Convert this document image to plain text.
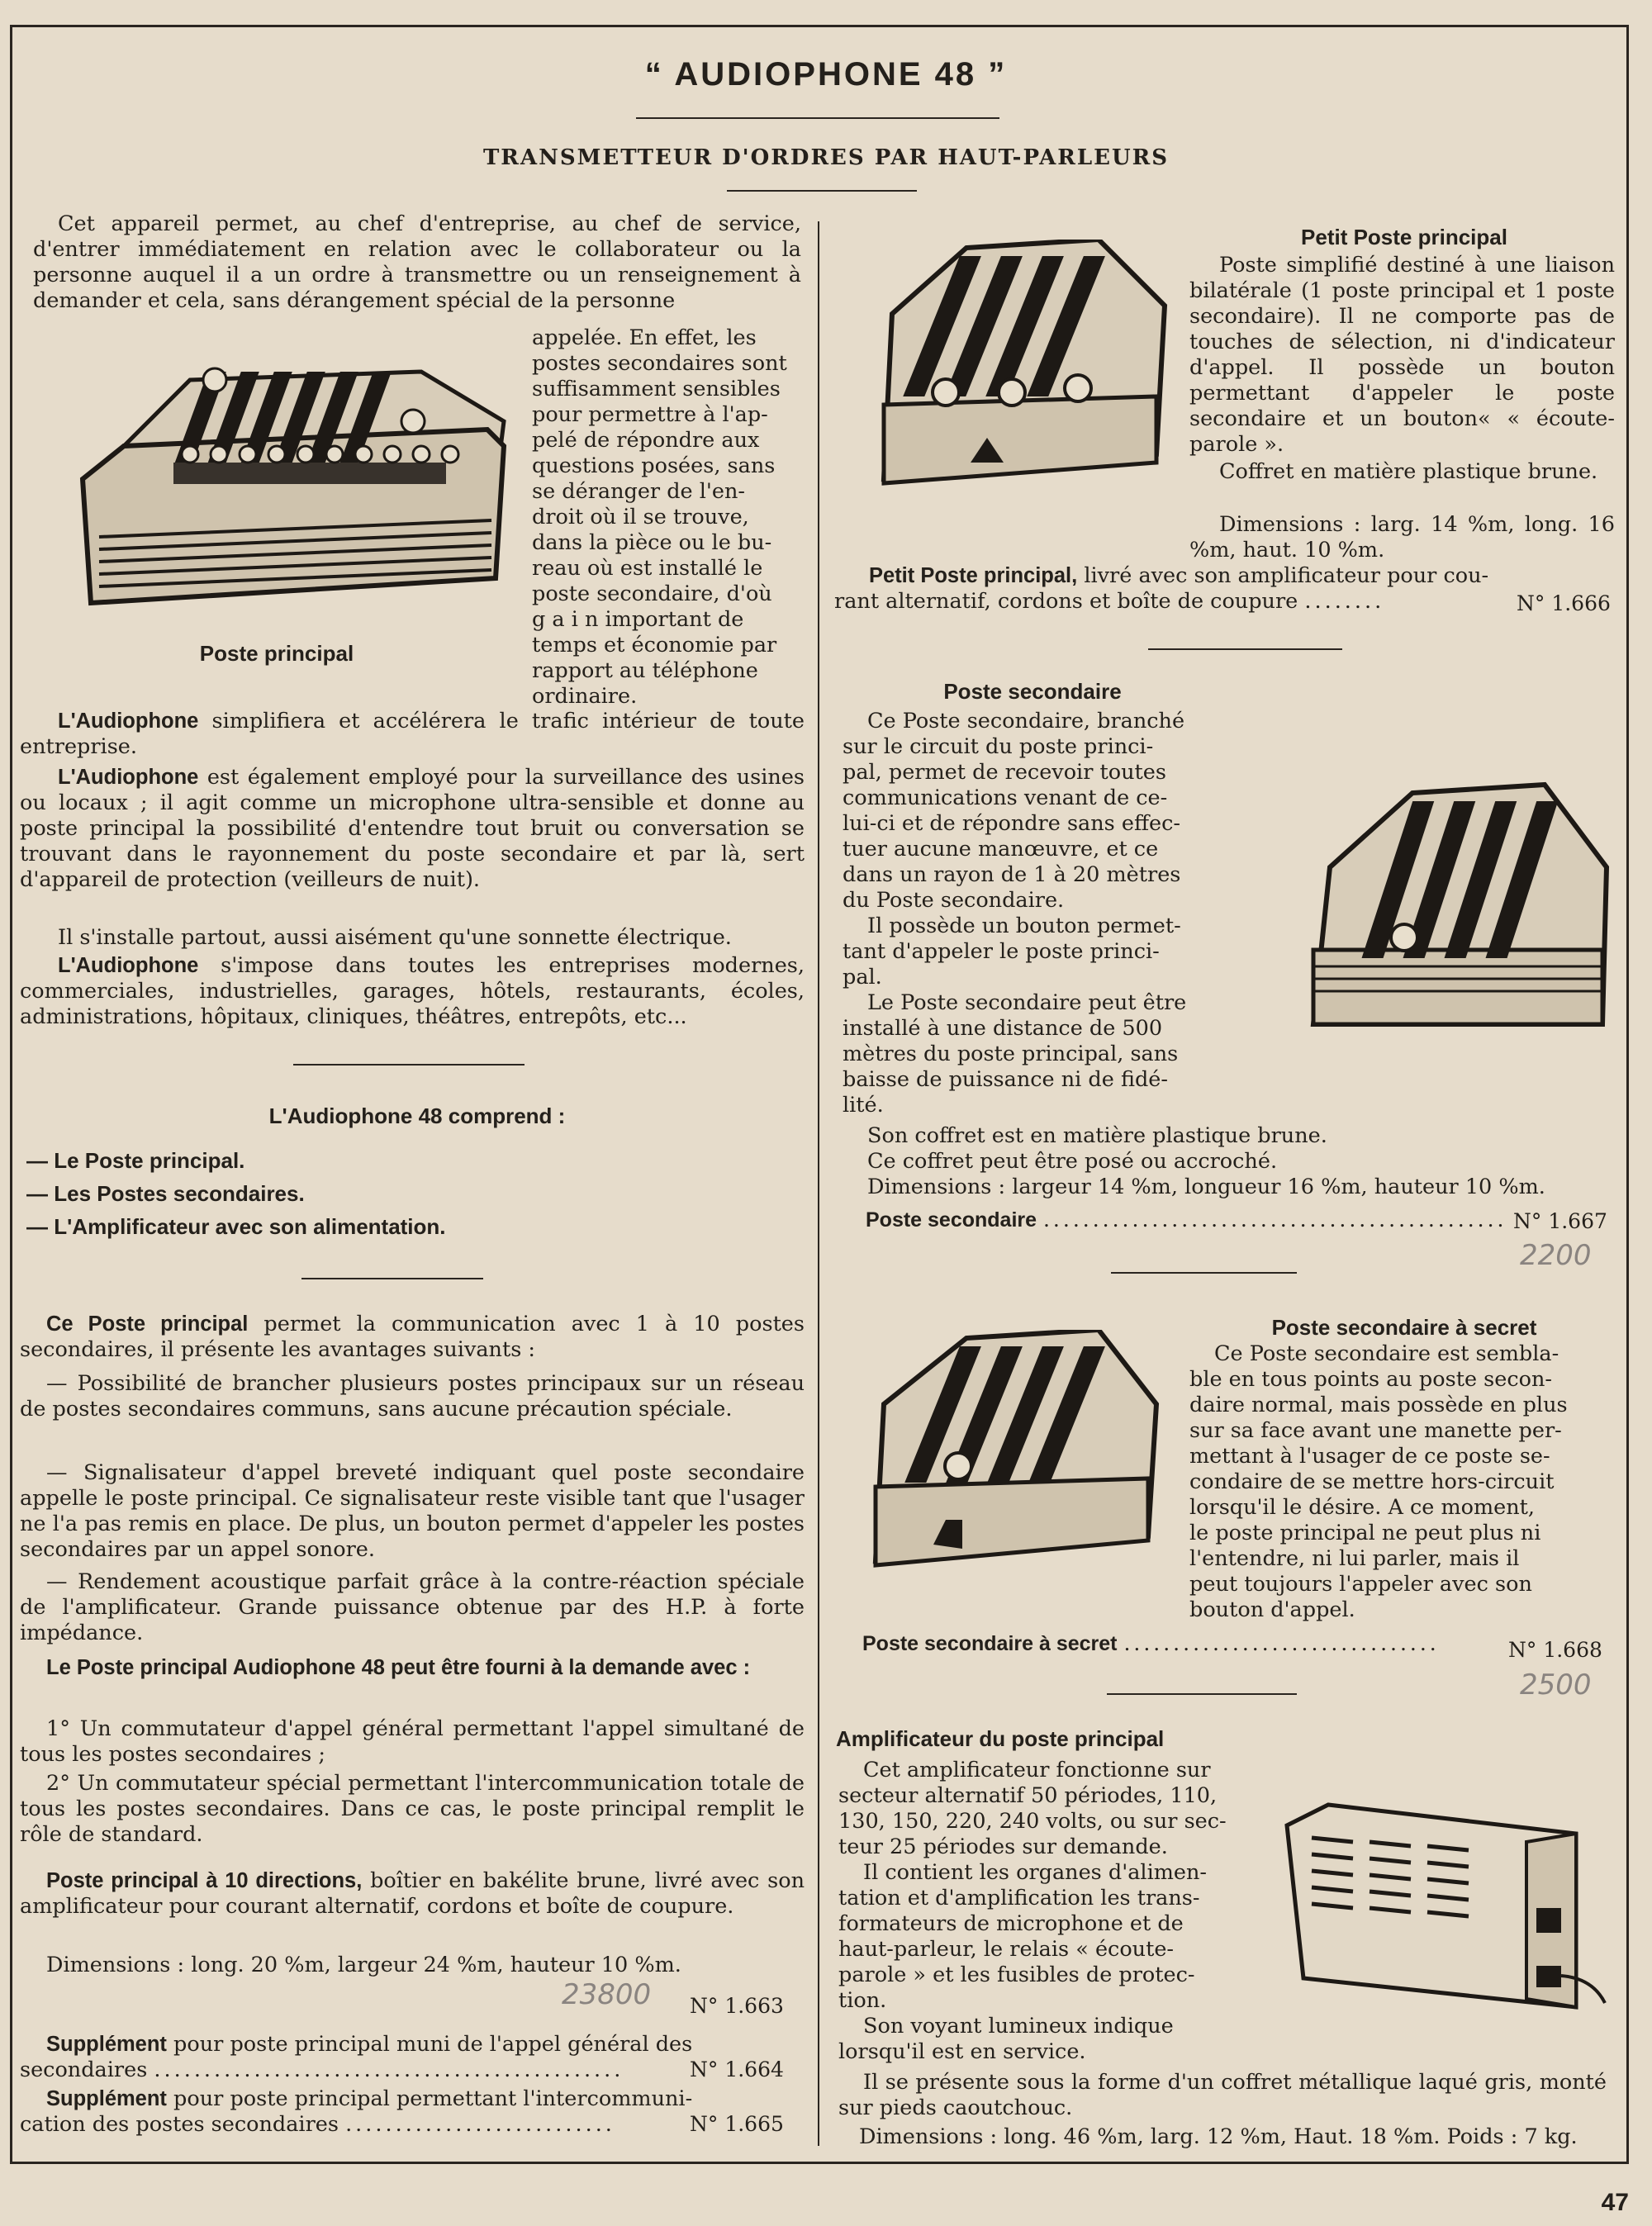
“ AUDIOPHONE 48 ”
TRANSMETTEUR D'ORDRES PAR HAUT-PARLEURS
Cet appareil permet, au chef d'entreprise, au chef de service, d'entrer immédiatement en relation avec le collaborateur ou la personne auquel il a un ordre à transmettre ou un renseignement à demander et cela, sans dérangement spécial de la personne
appelée. En effet, les
postes secondaires sont
suffisamment sensibles
pour permettre à l'ap-
pelé de répondre aux
questions posées, sans
se déranger de l'en-
droit où il se trouve,
dans la pièce ou le bu-
reau où est installé le
poste secondaire, d'où
g a i n important de
temps et économie par
rapport au téléphone
ordinaire.
Poste principal

L'Audiophone simplifiera et accélérera le trafic intérieur de toute entreprise.

L'Audiophone est également employé pour la surveillance des usines ou locaux ; il agit comme un microphone ultra-sensible et donne au poste principal la possibilité d'entendre tout bruit ou conversation se trouvant dans le rayonnement du poste secondaire et par là, sert d'appareil de protection (veilleurs de nuit).

Il s'installe partout, aussi aisément qu'une sonnette électrique.

L'Audiophone s'impose dans toutes les entreprises modernes, commerciales, industrielles, garages, hôtels, restaurants, écoles, administrations, hôpitaux, cliniques, théâtres, entrepôts, etc...

L'Audiophone 48 comprend :
— Le Poste principal.
— Les Postes secondaires.
— L'Amplificateur avec son alimentation.

Ce Poste principal permet la communication avec 1 à 10 postes secondaires, il présente les avantages suivants :

— Possibilité de brancher plusieurs postes principaux sur un réseau de postes secondaires communs, sans aucune précaution spéciale.

— Signalisateur d'appel breveté indiquant quel poste secondaire appelle le poste principal. Ce signalisateur reste visible tant que l'usager ne l'a pas remis en place. De plus, un bouton permet d'appeler les postes secondaires par un appel sonore.

— Rendement acoustique parfait grâce à la contre-réaction spéciale de l'amplificateur. Grande puissance obtenue par des H.P. à forte impédance.

Le Poste principal Audiophone 48 peut être fourni à la demande avec :

1° Un commutateur d'appel général permettant l'appel simultané de tous les postes secondaires ;

2° Un commutateur spécial permettant l'intercommunication totale de tous les postes secondaires. Dans ce cas, le poste principal remplit le rôle de standard.

Poste principal à 10 directions, boîtier en bakélite brune, livré avec son amplificateur pour courant alternatif, cordons et boîte de coupure.

Dimensions : long. 20 %m, largeur 24 %m, hauteur 10 %m.
23800 N° 1.663
Supplément pour poste principal muni de l'appel général des
secondaires ...............................................	N° 1.664
Supplément pour poste principal permettant l'intercommuni-
cation des postes secondaires ...........................	N° 1.665
Petit Poste principal

Poste simplifié destiné à une liaison bilatérale (1 poste principal et 1 poste secondaire). Il ne comporte pas de touches de sélection, ni d'indicateur d'appel. Il possède un bouton permettant d'appeler le poste secondaire et un bouton« « écoute-parole ».

Coffret en matière plastique brune.

Dimensions : larg. 14 %m, long. 16 %m, haut. 10 %m.

Petit Poste principal, livré avec son amplificateur pour cou-
rant alternatif, cordons et boîte de coupure ........	N° 1.666
Poste secondaire
Ce Poste secondaire, branché
sur le circuit du poste princi-
pal, permet de recevoir toutes
communications venant de ce-
lui-ci et de répondre sans effec-
tuer aucune manœuvre, et ce
dans un rayon de 1 à 20 mètres
du Poste secondaire.
Il possède un bouton permet-
tant d'appeler le poste princi-
pal.
Le Poste secondaire peut être
installé à une distance de 500
mètres du poste principal, sans
baisse de puissance ni de fidé-
lité.
Son coffret est en matière plastique brune.
Ce coffret peut être posé ou accroché.
Dimensions : largeur 14 %m, longueur 16 %m, hauteur 10 %m.
Poste secondaire ............................................... N° 1.667
2200
Poste secondaire à secret
Ce Poste secondaire est sembla-
ble en tous points au poste secon-
daire normal, mais possède en plus
sur sa face avant une manette per-
mettant à l'usager de ce poste se-
condaire de se mettre hors-circuit
lorsqu'il le désire. A ce moment,
le poste principal ne peut plus ni
l'entendre, ni lui parler, mais il
peut toujours l'appeler avec son
bouton d'appel.
Poste secondaire à secret ................................	N° 1.668
2500
Amplificateur du poste principal
Cet amplificateur fonctionne sur
secteur alternatif 50 périodes, 110,
130, 150, 220, 240 volts, ou sur sec-
teur 25 périodes sur demande.
Il contient les organes d'alimen-
tation et d'amplification les trans-
formateurs de microphone et de
haut-parleur, le relais « écoute-
parole » et les fusibles de protec-
tion.
Son voyant lumineux indique
lorsqu'il est en service.

Il se présente sous la forme d'un coffret métallique laqué gris, monté sur pieds caoutchouc.

Dimensions : long. 46 %m, larg. 12 %m, Haut. 18 %m. Poids : 7 kg.
47
